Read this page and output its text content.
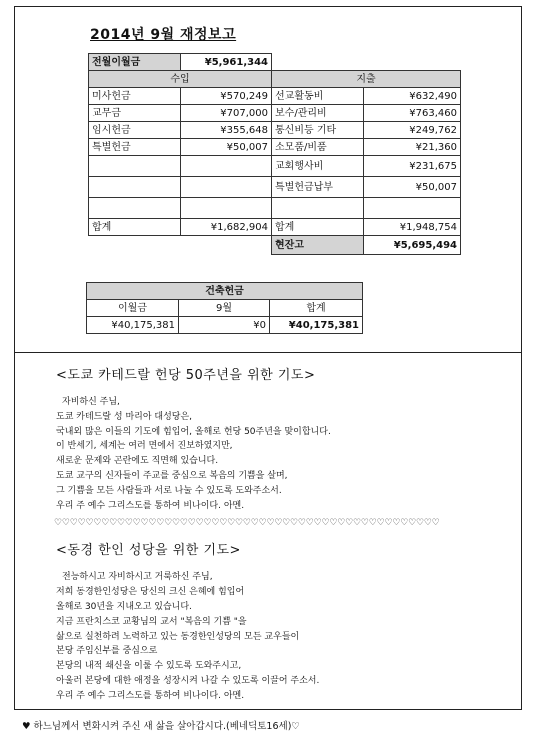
2014년 9월 재정보고
전월이월금	¥5,961,344		
수입		지출	
미사헌금	¥570,249	선교활동비	¥632,490
교무금	¥707,000	보수/관리비	¥763,460
임시헌금	¥355,648	통신비등 기타	¥249,762
특별헌금	¥50,007	소모품/비품	¥21,360
		교회행사비	¥231,675
		특별헌금납부	¥50,007

합계	¥1,682,904	합계	¥1,948,754
		현잔고	¥5,695,494
건축헌금		
이월금	9월	합계
¥40,175,381	¥0	¥40,175,381
<도쿄 카테드랄 헌당 50주년을 위한 기도>
자비하신 주님,
도쿄 카테드랄 성 마리아 대성당은,
국내외 많은 이들의 기도에 힘입어, 올해로 헌당 50주년을 맞이합니다.
이 반세기, 세계는 여러 면에서 진보하였지만,
새로운 문제와 곤란에도 직면해 있습니다.
도쿄 교구의 신자들이 주교를 중심으로 복음의 기쁨을 살며,
그 기쁨을 모든 사람들과 서로 나눌 수 있도록 도와주소서.
우리 주 예수 그리스도를 통하여 비나이다. 아멘.
♡♡♡♡♡♡♡♡♡♡♡♡♡♡♡♡♡♡♡♡♡♡♡♡♡♡♡♡♡♡♡♡♡♡♡♡♡♡♡♡♡♡♡♡♡♡♡♡♡
<동경 한인 성당을 위한 기도>
전능하시고 자비하시고 거룩하신 주님,
저희 동경한인성당은 당신의 크신 은혜에 힘입어
올해로 30년을 지내오고 있습니다.
지금 프란치스코 교황님의 교서 "복음의 기쁨 "을
삶으로 실천하려 노력하고 있는 동경한인성당의 모든 교우들이
본당 주임신부를 중심으로
본당의 내적 쇄신을 이룰 수 있도록 도와주시고,
아울러 본당에 대한 애정을 성장시켜 나갈 수 있도록 이끌어 주소서.
우리 주 예수 그리스도를 통하여 비나이다. 아멘.
♥ 하느님께서 변화시켜 주신 새 삶을 살아갑시다.(베네딕토16세)♡
